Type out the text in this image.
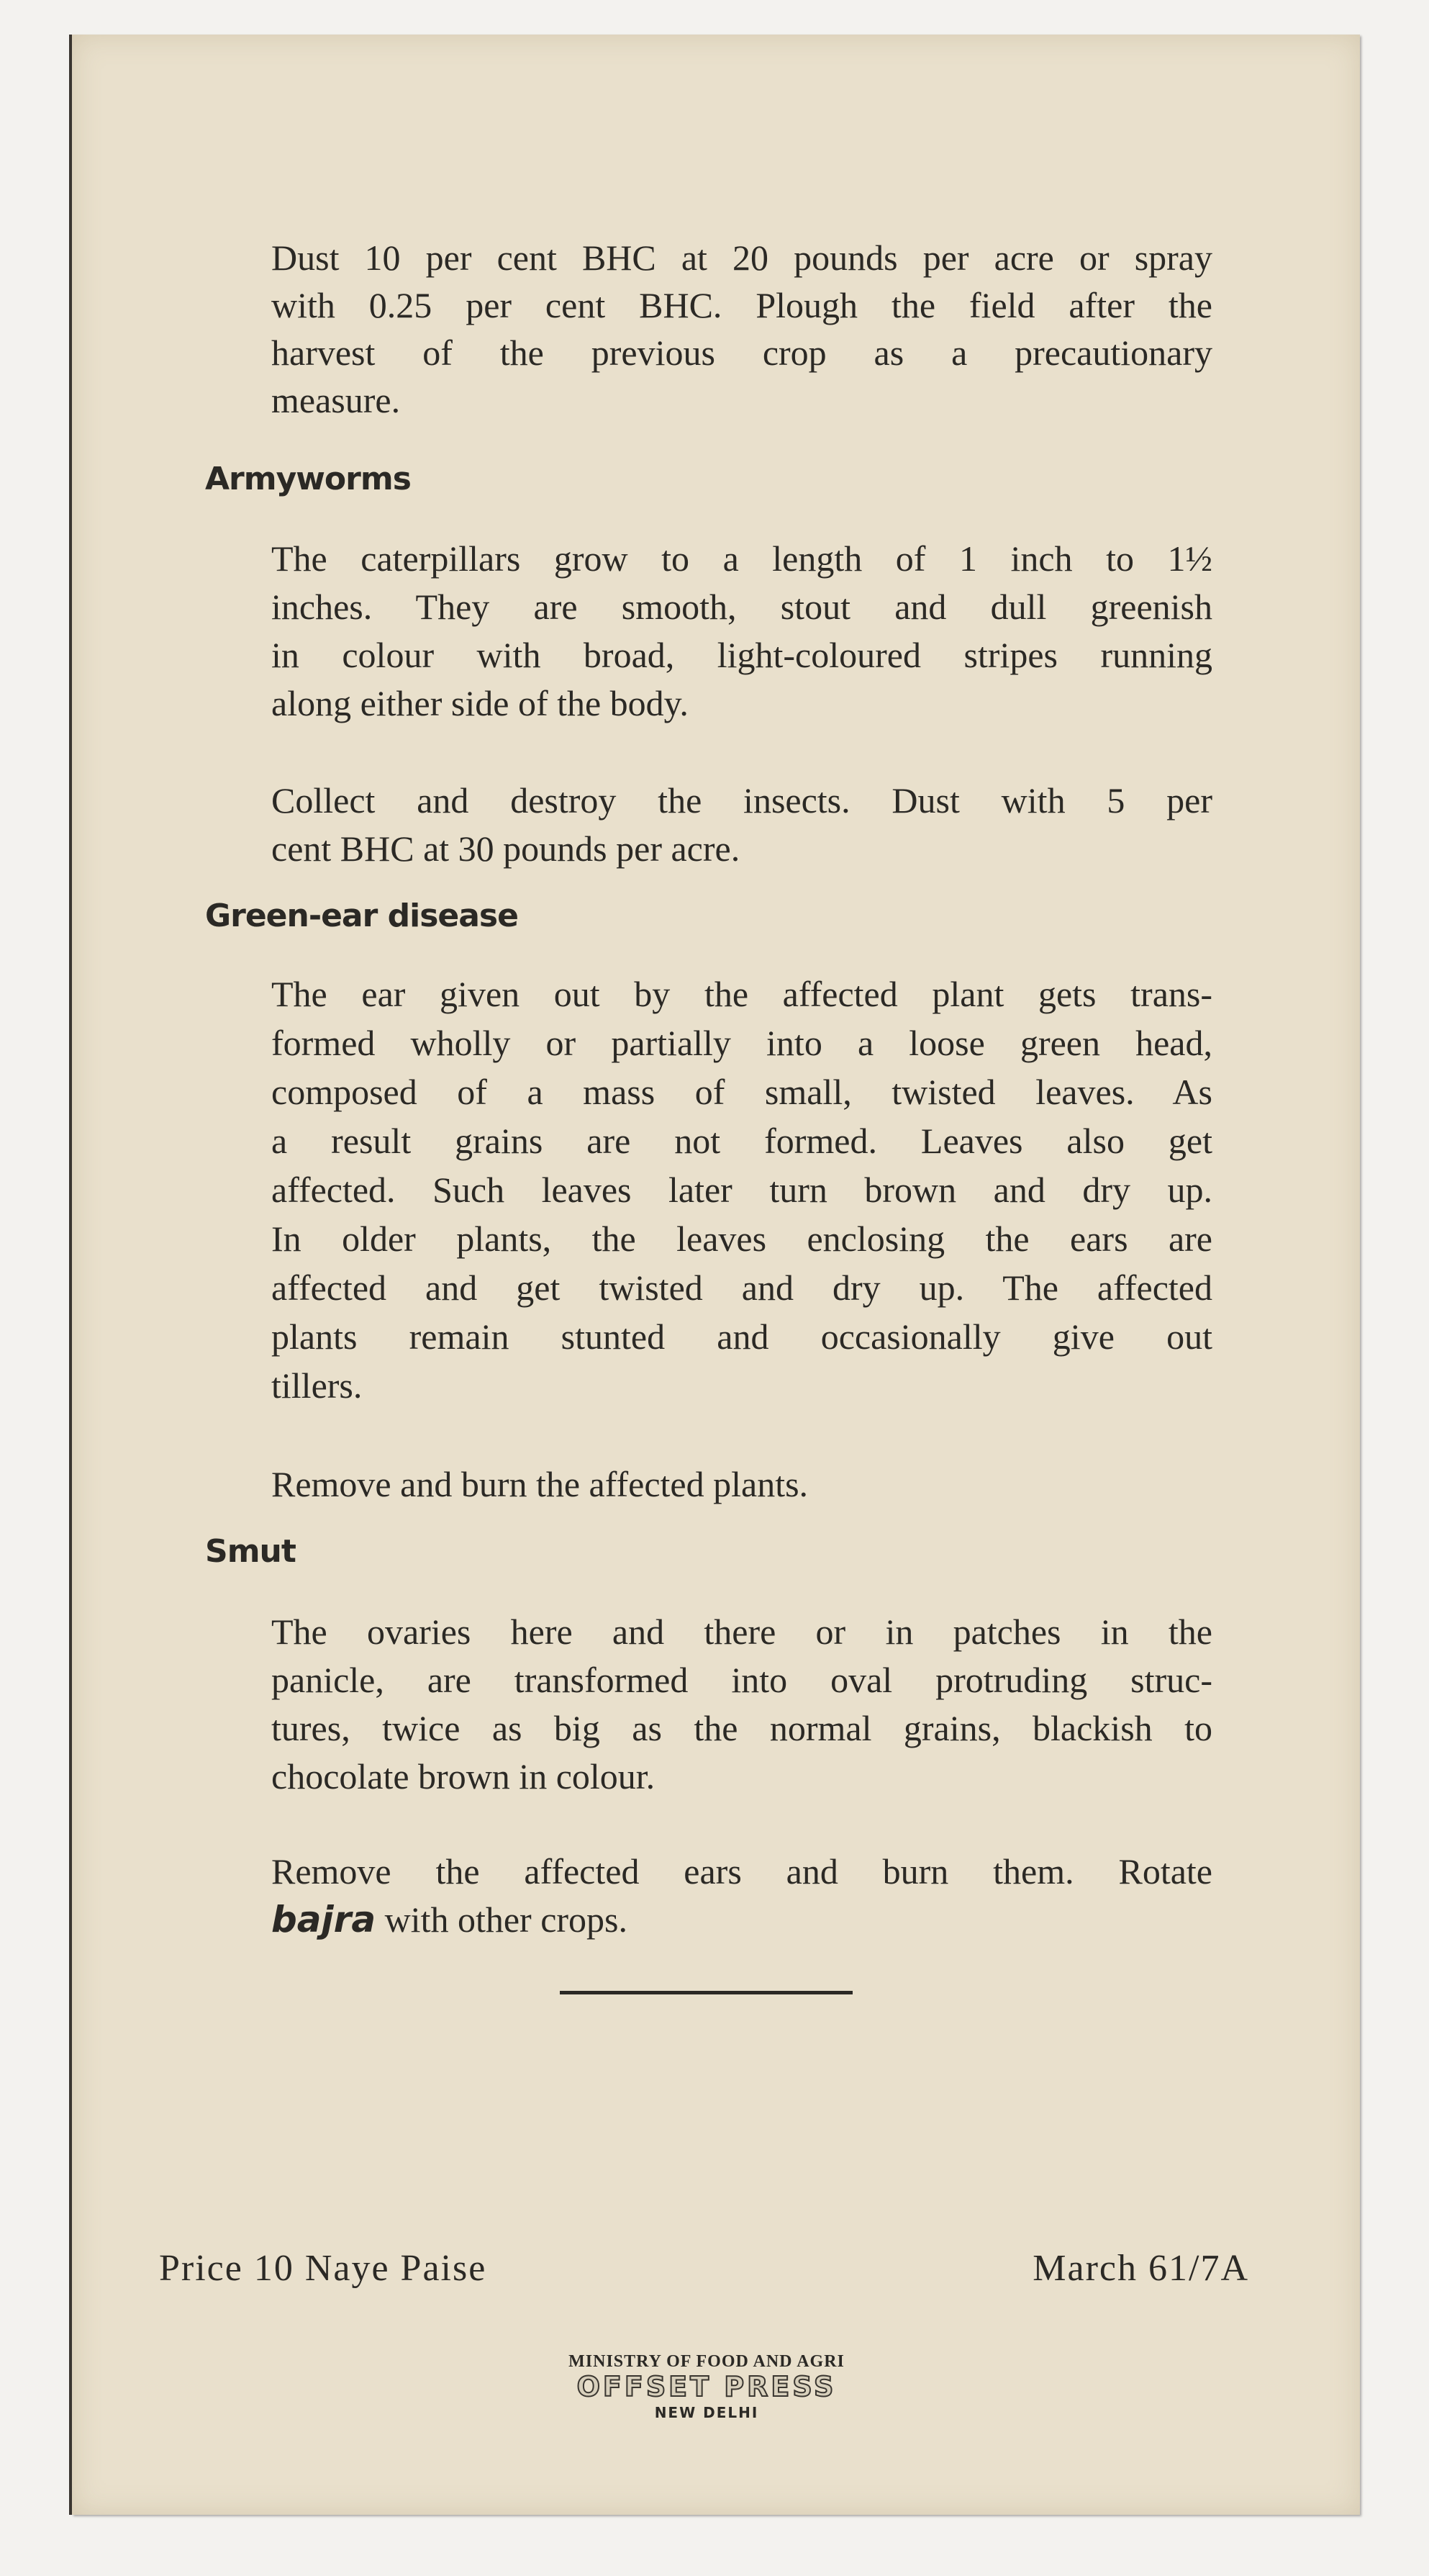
Dust 10 per cent BHC at 20 pounds per acre or spray
with 0.25 per cent BHC. Plough the field after the
harvest of the previous crop as a precautionary
measure.
Armyworms
The caterpillars grow to a length of 1 inch to 1½
inches. They are smooth, stout and dull greenish
in colour with broad, light-coloured stripes running
along either side of the body.
Collect and destroy the insects. Dust with 5 per
cent BHC at 30 pounds per acre.
Green-ear disease
The ear given out by the affected plant gets trans-
formed wholly or partially into a loose green head,
composed of a mass of small, twisted leaves. As
a result grains are not formed. Leaves also get
affected. Such leaves later turn brown and dry up.
In older plants, the leaves enclosing the ears are
affected and get twisted and dry up. The affected
plants remain stunted and occasionally give out
tillers.
Remove and burn the affected plants.
Smut
The ovaries here and there or in patches in the
panicle, are transformed into oval protruding struc-
tures, twice as big as the normal grains, blackish to
chocolate brown in colour.
Remove the affected ears and burn them. Rotate
bajra with other crops.
Price 10 Naye Paise	March 61/7A
MINISTRY OF FOOD AND AGRI
OFFSET PRESS
NEW DELHI
